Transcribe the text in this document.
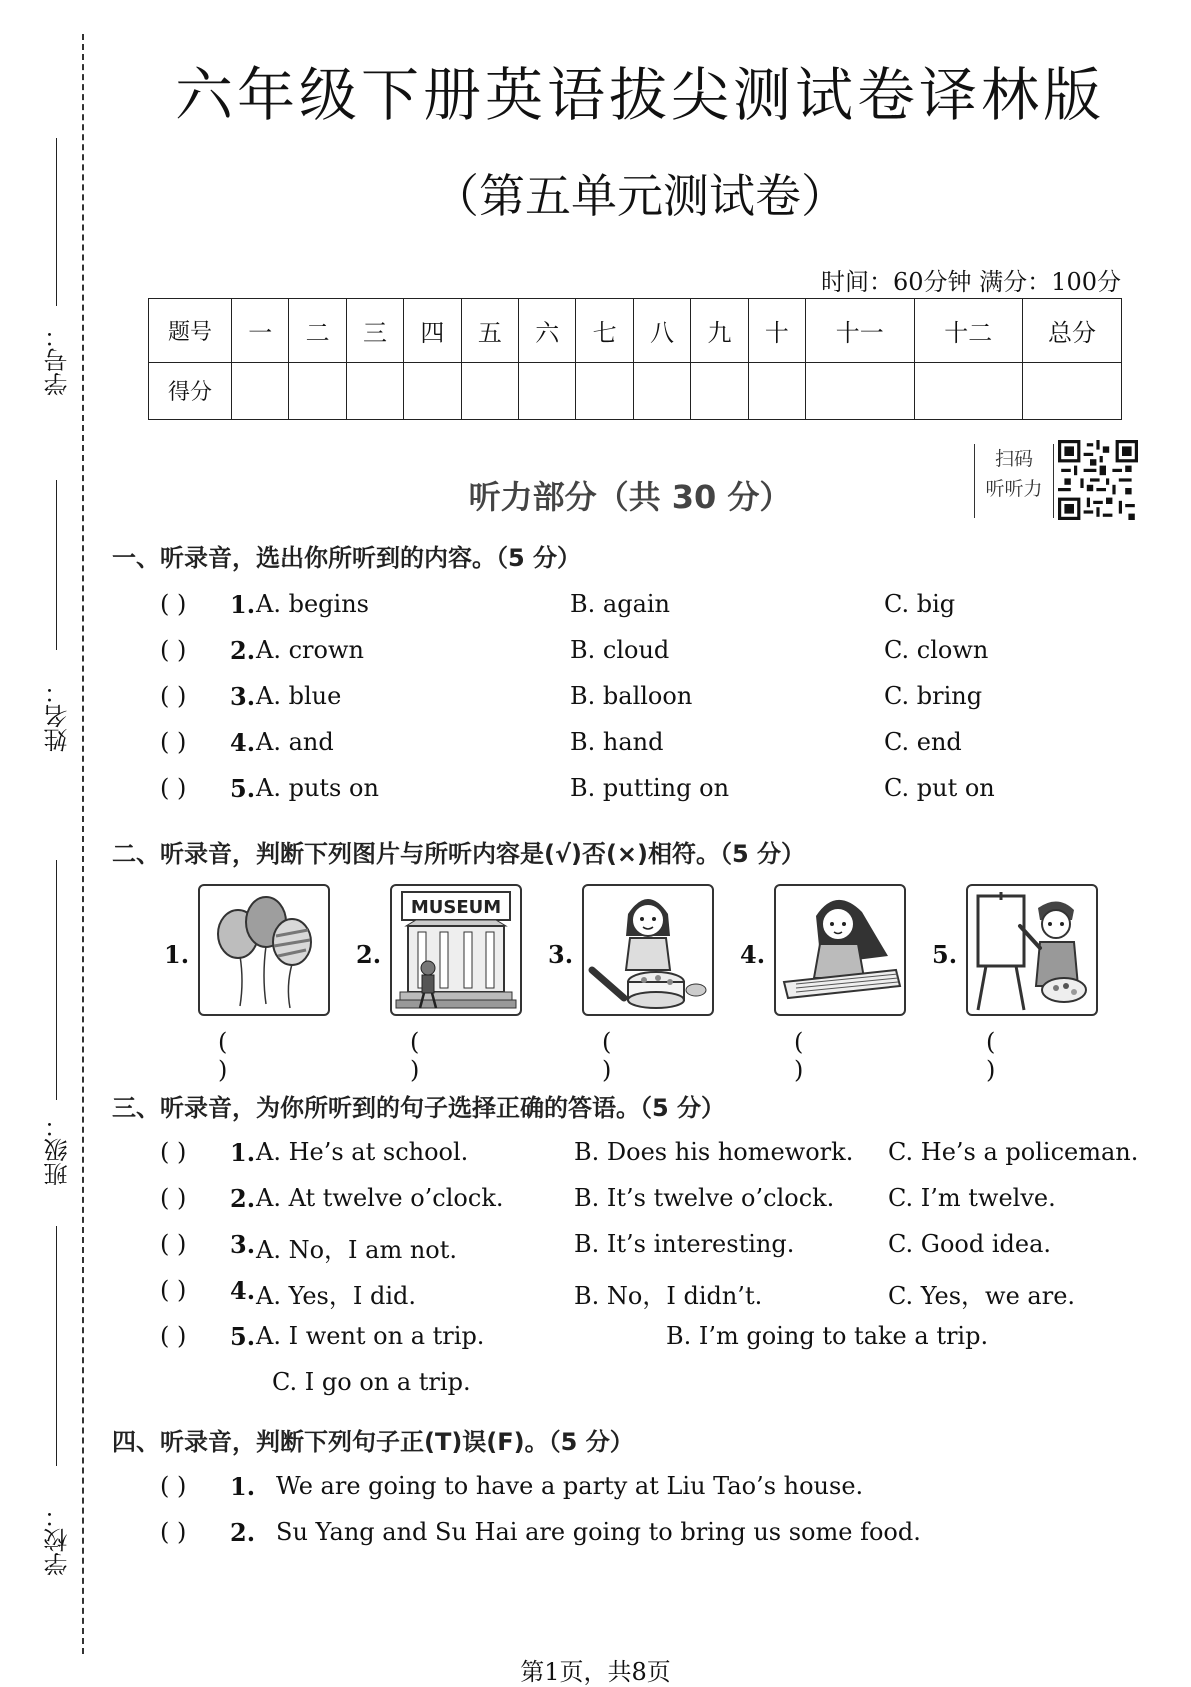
学号：
姓名：
班级：
学校：
六年级下册英语拔尖测试卷译林版
（第五单元测试卷）
时间：60分钟 满分：100分
题号	一	二	三	四	五	六	七	八	九	十	十一	十二	总分
得分													
听力部分（共 30 分）
扫码
听听力
一、听录音，选出你所听到的内容。（5 分）
( ) 1. A. begins	B. again	C. big
( ) 2. A. crown	B. cloud	C. clown
( ) 3. A. blue	B. balloon	C. bring
( ) 4. A. and	B. hand	C. end
( ) 5. A. puts on	B. putting on	C. put on
二、听录音，判断下列图片与所听内容是(√)否(×)相符。（5 分）
1.
( )
2.
MUSEUM
( )
3.
( )
4.
( )
5.
( )
三、听录音，为你所听到的句子选择正确的答语。（5 分）
( ) 1. A. He’s at school.	B. Does his homework. C. He’s a policeman.
( ) 2. A. At twelve o’clock.	B. It’s twelve o’clock. C. I’m twelve.
( ) 3. A. No，I am not.	B. It’s interesting.	C. Good idea.
( ) 4. A. Yes，I did.	B. No，I didn’t.	C. Yes，we are.
( ) 5. A. I went on a trip.	B. I’m going to take a trip.
C. I go on a trip.
四、听录音，判断下列句子正(T)误(F)。（5 分）
( ) 1. We are going to have a party at Liu Tao’s house.
( ) 2. Su Yang and Su Hai are going to bring us some food.
第1页，共8页
